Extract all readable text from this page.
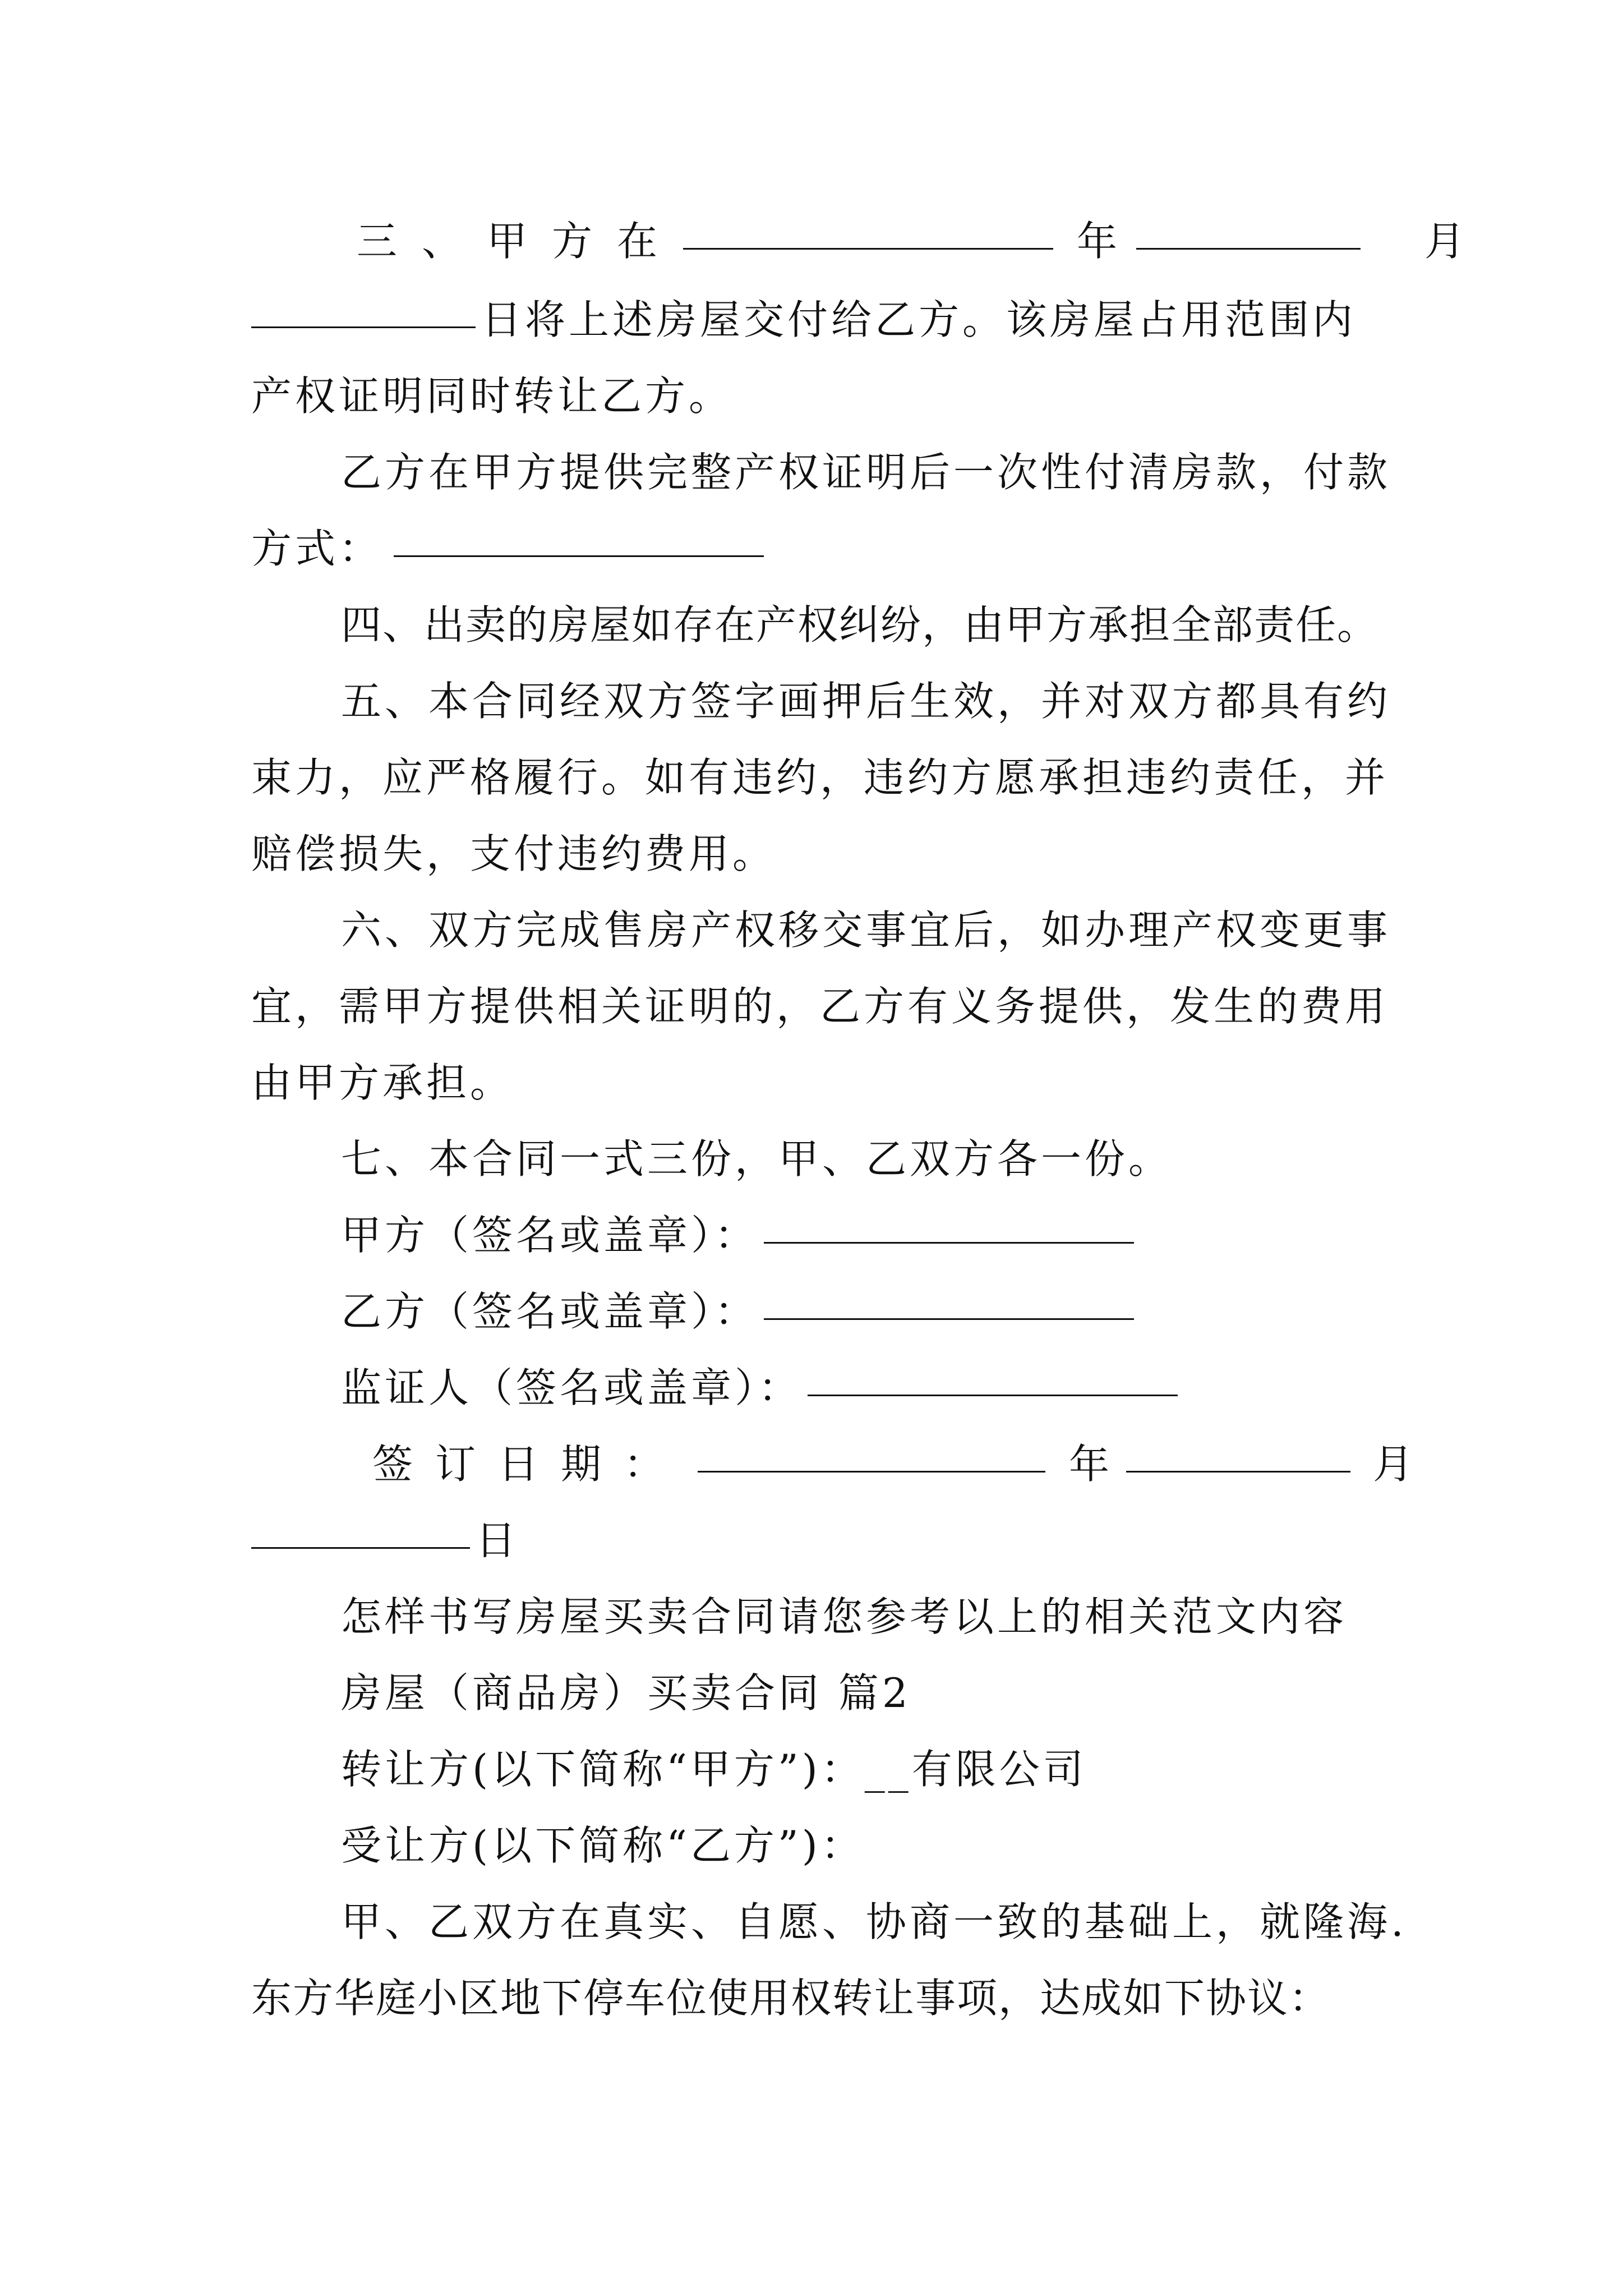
三、甲方在	年	月
日将上述房屋交付给乙方。该房屋占用范围内
产权证明同时转让乙方。
乙方在甲方提供完整产权证明后一次性付清房款，付款
方式：
四、出卖的房屋如存在产权纠纷，由甲方承担全部责任。
五、本合同经双方签字画押后生效，并对双方都具有约
束力，应严格履行。如有违约，违约方愿承担违约责任，并
赔偿损失，支付违约费用。
六、双方完成售房产权移交事宜后，如办理产权变更事
宜，需甲方提供相关证明的，乙方有义务提供，发生的费用
由甲方承担。
七、本合同一式三份，甲、乙双方各一份。
甲方（签名或盖章）：
乙方（签名或盖章）：
监证人（签名或盖章）：
签订日期：	年	月
日
怎样书写房屋买卖合同请您参考以上的相关范文内容
房屋（商品房）买卖合同 篇2
转让方(以下简称“甲方”)：__有限公司
受让方(以下简称“乙方”)：
甲、乙双方在真实、自愿、协商一致的基础上，就隆海.
东方华庭小区地下停车位使用权转让事项，达成如下协议：
